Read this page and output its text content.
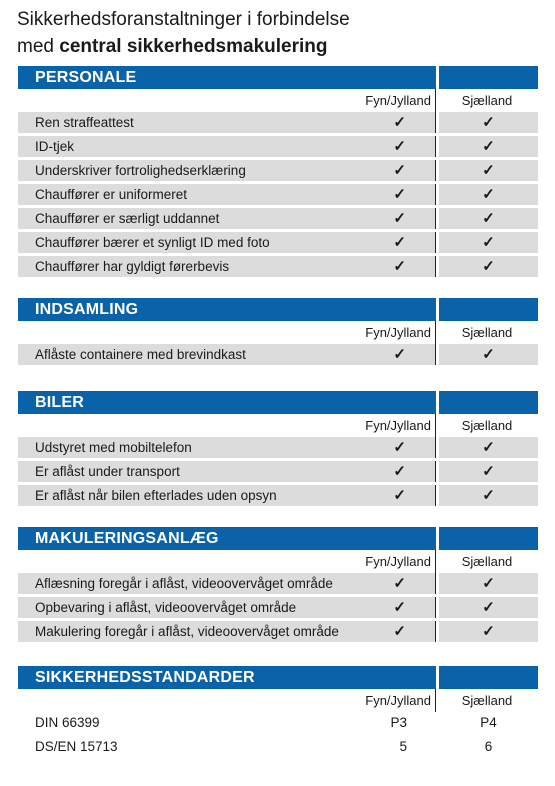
Sikkerhedsforanstaltninger i forbindelse
med central sikkerhedsmakulering
PERSONALE
Fyn/Jylland	Sjælland
Ren straffeattest	✓	✓
ID-tjek	✓	✓
Underskriver fortrolighedserklæring	✓	✓
Chauffører er uniformeret	✓	✓
Chauffører er særligt uddannet	✓	✓
Chauffører bærer et synligt ID med foto	✓	✓
Chauffører har gyldigt førerbevis	✓	✓
INDSAMLING
Fyn/Jylland	Sjælland
Aflåste containere med brevindkast	✓	✓
BILER
Fyn/Jylland	Sjælland
Udstyret med mobiltelefon	✓	✓
Er aflåst under transport	✓	✓
Er aflåst når bilen efterlades uden opsyn	✓	✓
MAKULERINGSANLÆG
Fyn/Jylland	Sjælland
Aflæsning foregår i aflåst, videoovervåget område	✓	✓
Opbevaring i aflåst, videoovervåget område	✓	✓
Makulering foregår i aflåst, videoovervåget område	✓	✓
SIKKERHEDSSTANDARDER
Fyn/Jylland	Sjælland
DIN 66399	P3	P4
DS/EN 15713	5	6
